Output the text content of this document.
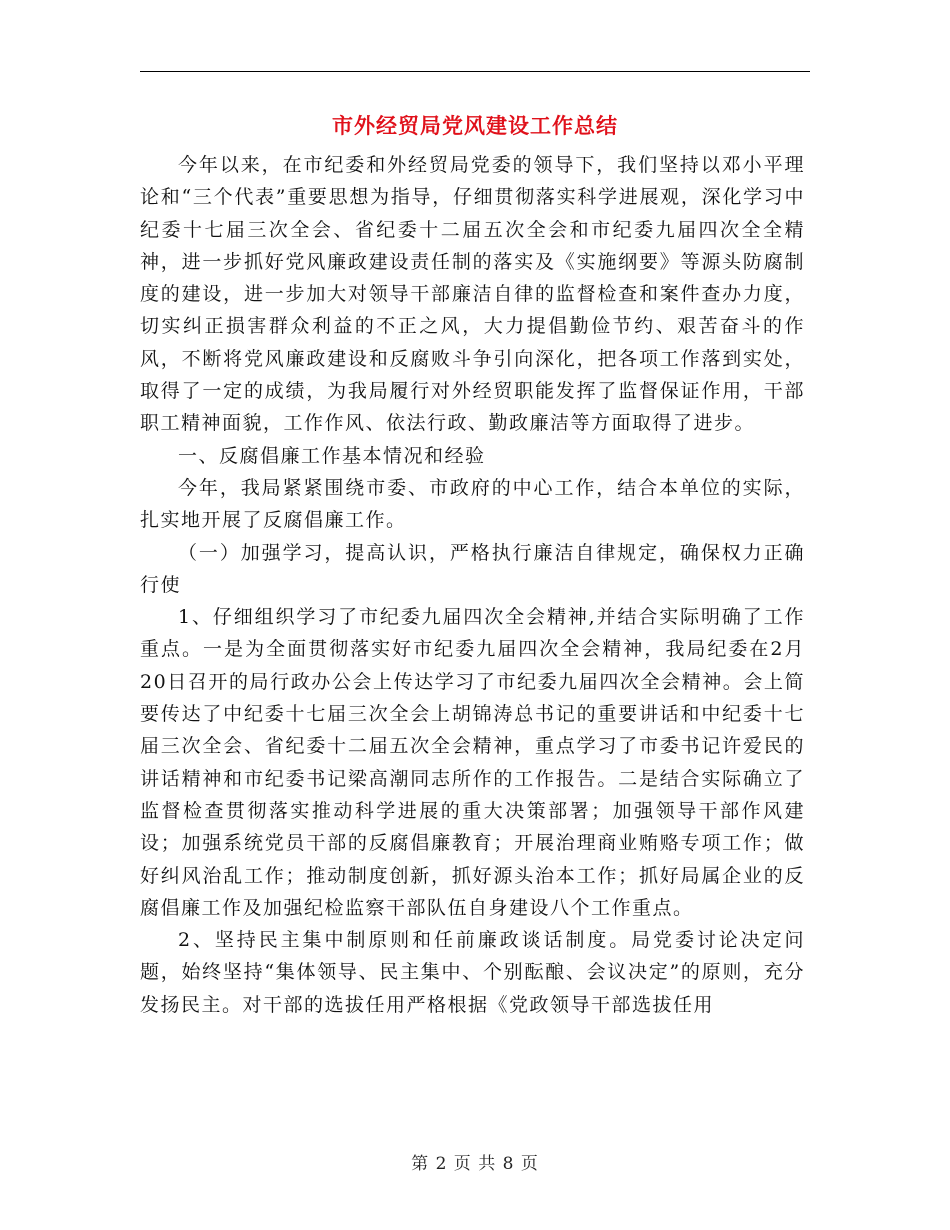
市外经贸局党风建设工作总结

今年以来，在市纪委和外经贸局党委的领导下，我们坚持以邓小平理论和“三个代表”重要思想为指导，仔细贯彻落实科学进展观，深化学习中纪委十七届三次全会、省纪委十二届五次全会和市纪委九届四次全全精神，进一步抓好党风廉政建设责任制的落实及《实施纲要》等源头防腐制度的建设，进一步加大对领导干部廉洁自律的监督检查和案件查办力度，切实纠正损害群众利益的不正之风，大力提倡勤俭节约、艰苦奋斗的作风，不断将党风廉政建设和反腐败斗争引向深化，把各项工作落到实处，取得了一定的成绩，为我局履行对外经贸职能发挥了监督保证作用，干部职工精神面貌，工作作风、依法行政、勤政廉洁等方面取得了进步。

一、反腐倡廉工作基本情况和经验

今年，我局紧紧围绕市委、市政府的中心工作，结合本单位的实际，扎实地开展了反腐倡廉工作。

（一）加强学习，提高认识，严格执行廉洁自律规定，确保权力正确行使

1、仔细组织学习了市纪委九届四次全会精神,并结合实际明确了工作重点。一是为全面贯彻落实好市纪委九届四次全会精神，我局纪委在2月20日召开的局行政办公会上传达学习了市纪委九届四次全会精神。会上简要传达了中纪委十七届三次全会上胡锦涛总书记的重要讲话和中纪委十七届三次全会、省纪委十二届五次全会精神，重点学习了市委书记许爱民的讲话精神和市纪委书记梁高潮同志所作的工作报告。二是结合实际确立了监督检查贯彻落实推动科学进展的重大决策部署；加强领导干部作风建设；加强系统党员干部的反腐倡廉教育；开展治理商业贿赂专项工作；做好纠风治乱工作；推动制度创新，抓好源头治本工作；抓好局属企业的反腐倡廉工作及加强纪检监察干部队伍自身建设八个工作重点。

2、坚持民主集中制原则和任前廉政谈话制度。局党委讨论决定问题，始终坚持“集体领导、民主集中、个别酝酿、会议决定”的原则，充分发扬民主。对干部的选拔任用严格根据《党政领导干部选拔任用

第 2 页 共 8 页
